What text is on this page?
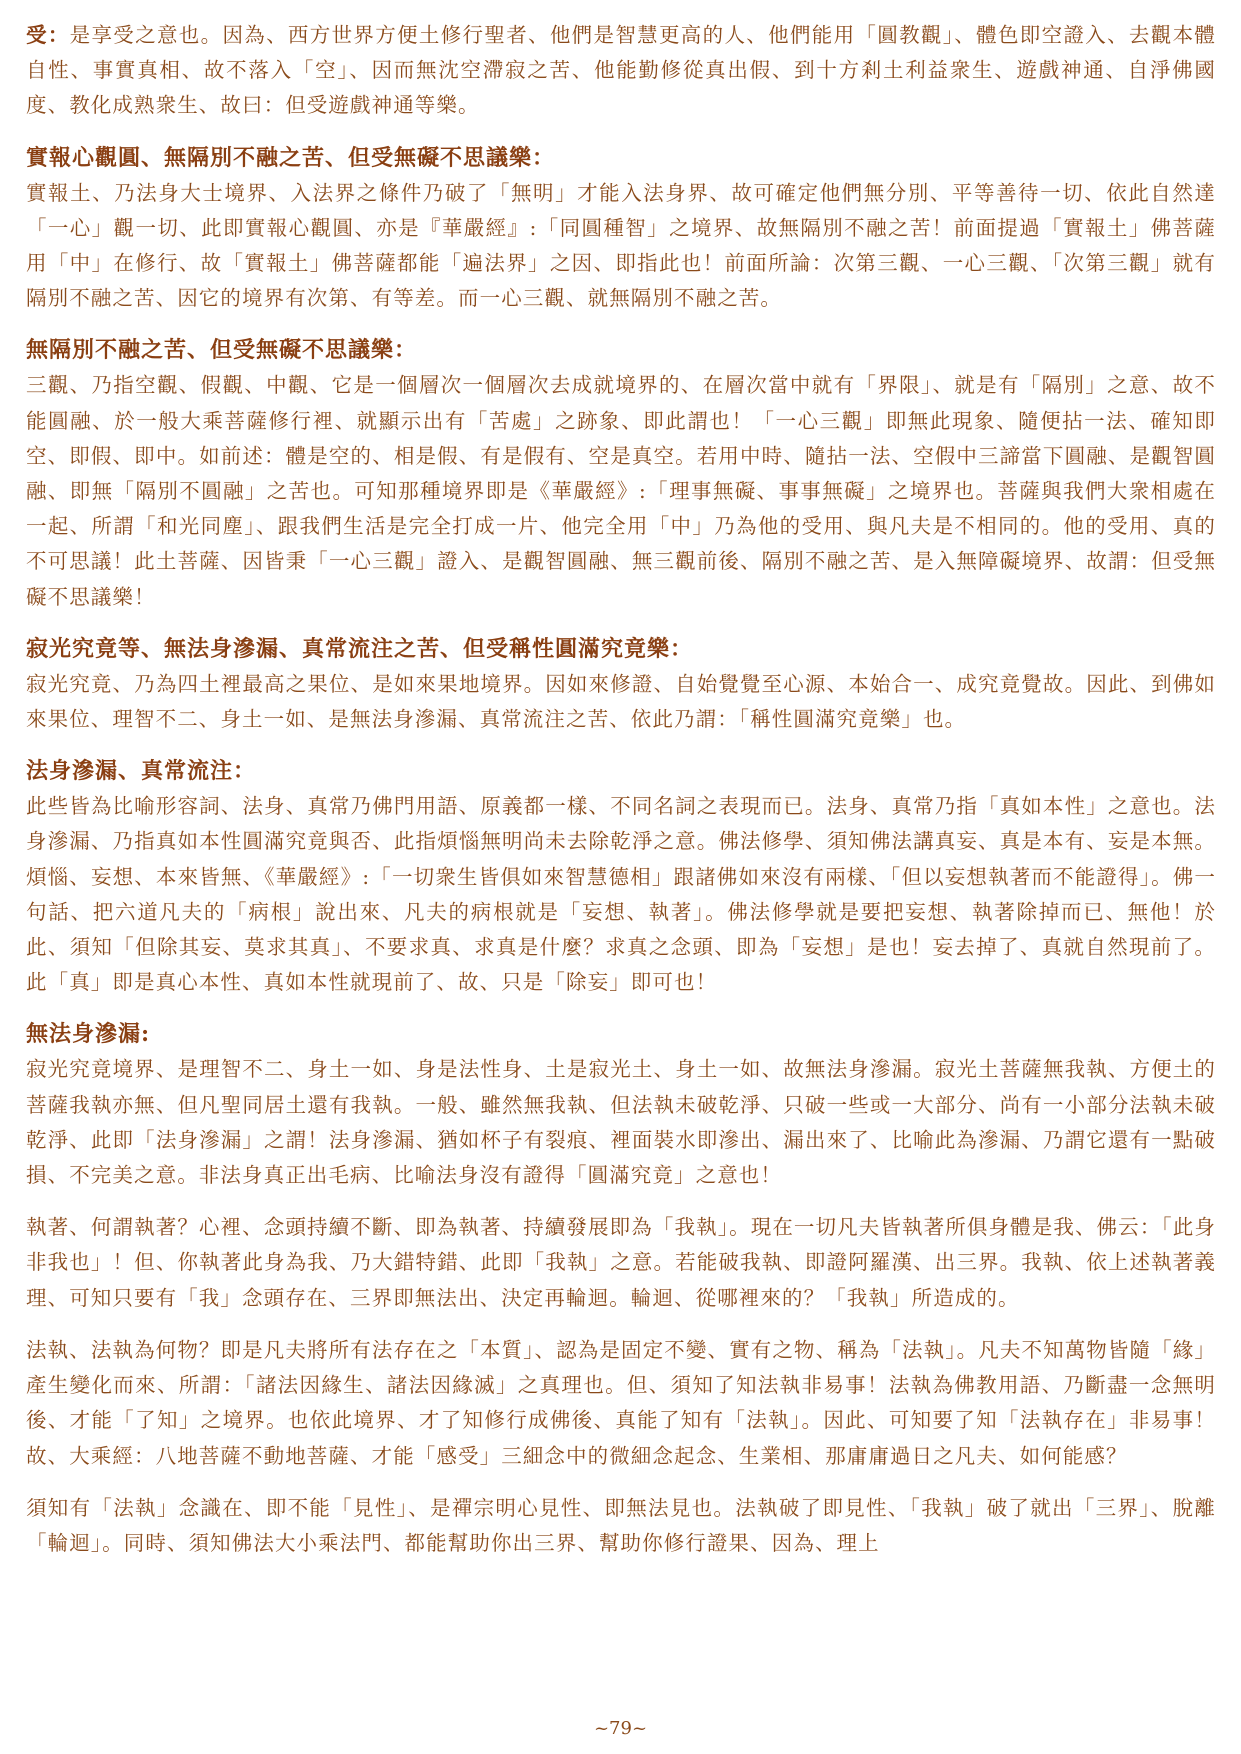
受：是享受之意也。因為、西方世界方便土修行聖者、他們是智慧更高的人、他們能用「圓教觀」、體色即空證入、去觀本體自性、事實真相、故不落入「空」、因而無沈空滯寂之苦、他能勤修從真出假、到十方剎土利益衆生、遊戲神通、自淨佛國度、教化成熟衆生、故曰：但受遊戲神通等樂。
實報心觀圓、無隔別不融之苦、但受無礙不思議樂：
實報土、乃法身大士境界、入法界之條件乃破了「無明」才能入法身界、故可確定他們無分別、平等善待一切、依此自然達「一心」觀一切、此即實報心觀圓、亦是『華嚴經』:「同圓種智」之境界、故無隔別不融之苦！前面提過「實報土」佛菩薩用「中」在修行、故「實報土」佛菩薩都能「遍法界」之因、即指此也！前面所論：次第三觀、一心三觀、「次第三觀」就有隔別不融之苦、因它的境界有次第、有等差。而一心三觀、就無隔別不融之苦。
無隔別不融之苦、但受無礙不思議樂：
三觀、乃指空觀、假觀、中觀、它是一個層次一個層次去成就境界的、在層次當中就有「界限」、就是有「隔別」之意、故不能圓融、於一般大乘菩薩修行裡、就顯示出有「苦處」之跡象、即此謂也！「一心三觀」即無此現象、隨便拈一法、確知即空、即假、即中。如前述：體是空的、相是假、有是假有、空是真空。若用中時、隨拈一法、空假中三諦當下圓融、是觀智圓融、即無「隔別不圓融」之苦也。可知那種境界即是《華嚴經》:「理事無礙、事事無礙」之境界也。菩薩與我們大衆相處在一起、所謂「和光同塵」、跟我們生活是完全打成一片、他完全用「中」乃為他的受用、與凡夫是不相同的。他的受用、真的不可思議！此土菩薩、因皆秉「一心三觀」證入、是觀智圓融、無三觀前後、隔別不融之苦、是入無障礙境界、故謂：但受無礙不思議樂！
寂光究竟等、無法身滲漏、真常流注之苦、但受稱性圓滿究竟樂：
寂光究竟、乃為四土裡最高之果位、是如來果地境界。因如來修證、自始覺覺至心源、本始合一、成究竟覺故。因此、到佛如來果位、理智不二、身土一如、是無法身滲漏、真常流注之苦、依此乃謂：「稱性圓滿究竟樂」也。
法身滲漏、真常流注：
此些皆為比喻形容詞、法身、真常乃佛門用語、原義都一樣、不同名詞之表現而已。法身、真常乃指「真如本性」之意也。法身滲漏、乃指真如本性圓滿究竟與否、此指煩惱無明尚未去除乾淨之意。佛法修學、須知佛法講真妄、真是本有、妄是本無。煩惱、妄想、本來皆無、《華嚴經》:「一切衆生皆俱如來智慧德相」跟諸佛如來沒有兩樣、「但以妄想執著而不能證得」。佛一句話、把六道凡夫的「病根」說出來、凡夫的病根就是「妄想、執著」。佛法修學就是要把妄想、執著除掉而已、無他！於此、須知「但除其妄、莫求其真」、不要求真、求真是什麼？求真之念頭、即為「妄想」是也！妄去掉了、真就自然現前了。此「真」即是真心本性、真如本性就現前了、故、只是「除妄」即可也！
無法身滲漏:
寂光究竟境界、是理智不二、身土一如、身是法性身、土是寂光土、身土一如、故無法身滲漏。寂光土菩薩無我執、方便土的菩薩我執亦無、但凡聖同居土還有我執。一般、雖然無我執、但法執未破乾淨、只破一些或一大部分、尚有一小部分法執未破乾淨、此即「法身滲漏」之謂！法身滲漏、猶如杯子有裂痕、裡面裝水即滲出、漏出來了、比喻此為滲漏、乃謂它還有一點破損、不完美之意。非法身真正出毛病、比喻法身沒有證得「圓滿究竟」之意也！
執著、何謂執著？心裡、念頭持續不斷、即為執著、持續發展即為「我執」。現在一切凡夫皆執著所俱身體是我、佛云：「此身非我也」！但、你執著此身為我、乃大錯特錯、此即「我執」之意。若能破我執、即證阿羅漢、出三界。我執、依上述執著義理、可知只要有「我」念頭存在、三界即無法出、決定再輪迴。輪迴、從哪裡來的？「我執」所造成的。
法執、法執為何物？即是凡夫將所有法存在之「本質」、認為是固定不變、實有之物、稱為「法執」。凡夫不知萬物皆隨「緣」產生變化而來、所謂：「諸法因緣生、諸法因緣滅」之真理也。但、須知了知法執非易事！法執為佛教用語、乃斷盡一念無明後、才能「了知」之境界。也依此境界、才了知修行成佛後、真能了知有「法執」。因此、可知要了知「法執存在」非易事！故、大乘經：八地菩薩不動地菩薩、才能「感受」三細念中的微細念起念、生業相、那庸庸過日之凡夫、如何能感？
須知有「法執」念識在、即不能「見性」、是禪宗明心見性、即無法見也。法執破了即見性、「我執」破了就出「三界」、脫離「輪迴」。同時、須知佛法大小乘法門、都能幫助你出三界、幫助你修行證果、因為、理上
~79~
